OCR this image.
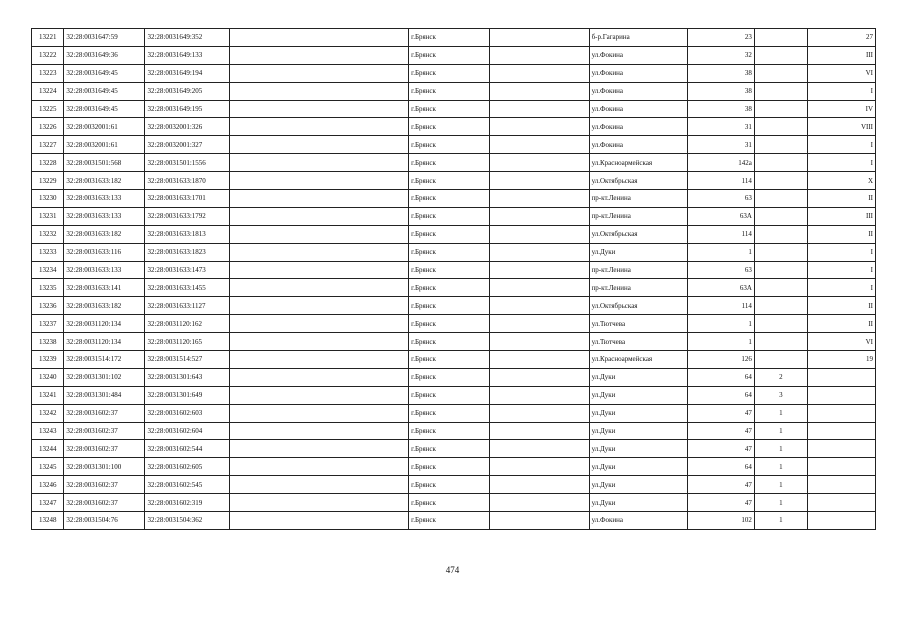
13221	32:28:0031647:59	32:28:0031649:352		г.Брянск		б-р.Гагарина	23		27
13222	32:28:0031649:36	32:28:0031649:133		г.Брянск		ул.Фокина	32		III
13223	32:28:0031649:45	32:28:0031649:194		г.Брянск		ул.Фокина	38		VI
13224	32:28:0031649:45	32:28:0031649:205		г.Брянск		ул.Фокина	38		I
13225	32:28:0031649:45	32:28:0031649:195		г.Брянск		ул.Фокина	38		IV
13226	32:28:0032001:61	32:28:0032001:326		г.Брянск		ул.Фокина	31		VIII
13227	32:28:0032001:61	32:28:0032001:327		г.Брянск		ул.Фокина	31		I
13228	32:28:0031501:568	32:28:0031501:1556		г.Брянск		ул.Красноармейская	142а		I
13229	32:28:0031633:182	32:28:0031633:1870		г.Брянск		ул.Октябрьская	114		X
13230	32:28:0031633:133	32:28:0031633:1701		г.Брянск		пр-кт.Ленина	63		II
13231	32:28:0031633:133	32:28:0031633:1792		г.Брянск		пр-кт.Ленина	63А		III
13232	32:28:0031633:182	32:28:0031633:1813		г.Брянск		ул.Октябрьская	114		II
13233	32:28:0031633:116	32:28:0031633:1823		г.Брянск		ул.Дуки	1		I
13234	32:28:0031633:133	32:28:0031633:1473		г.Брянск		пр-кт.Ленина	63		I
13235	32:28:0031633:141	32:28:0031633:1455		г.Брянск		пр-кт.Ленина	63А		I
13236	32:28:0031633:182	32:28:0031633:1127		г.Брянск		ул.Октябрьская	114		II
13237	32:28:0031120:134	32:28:0031120:162		г.Брянск		ул.Тютчева	1		II
13238	32:28:0031120:134	32:28:0031120:165		г.Брянск		ул.Тютчева	1		VI
13239	32:28:0031514:172	32:28:0031514:527		г.Брянск		ул.Красноармейская	126		19
13240	32:28:0031301:102	32:28:0031301:643		г.Брянск		ул.Дуки	64	2	
13241	32:28:0031301:484	32:28:0031301:649		г.Брянск		ул.Дуки	64	3	
13242	32:28:0031602:37	32:28:0031602:603		г.Брянск		ул.Дуки	47	1	
13243	32:28:0031602:37	32:28:0031602:604		г.Брянск		ул.Дуки	47	1	
13244	32:28:0031602:37	32:28:0031602:544		г.Брянск		ул.Дуки	47	1	
13245	32:28:0031301:100	32:28:0031602:605		г.Брянск		ул.Дуки	64	1	
13246	32:28:0031602:37	32:28:0031602:545		г.Брянск		ул.Дуки	47	1	
13247	32:28:0031602:37	32:28:0031602:319		г.Брянск		ул.Дуки	47	1	
13248	32:28:0031504:76	32:28:0031504:362		г.Брянск		ул.Фокина	102	1	
474
